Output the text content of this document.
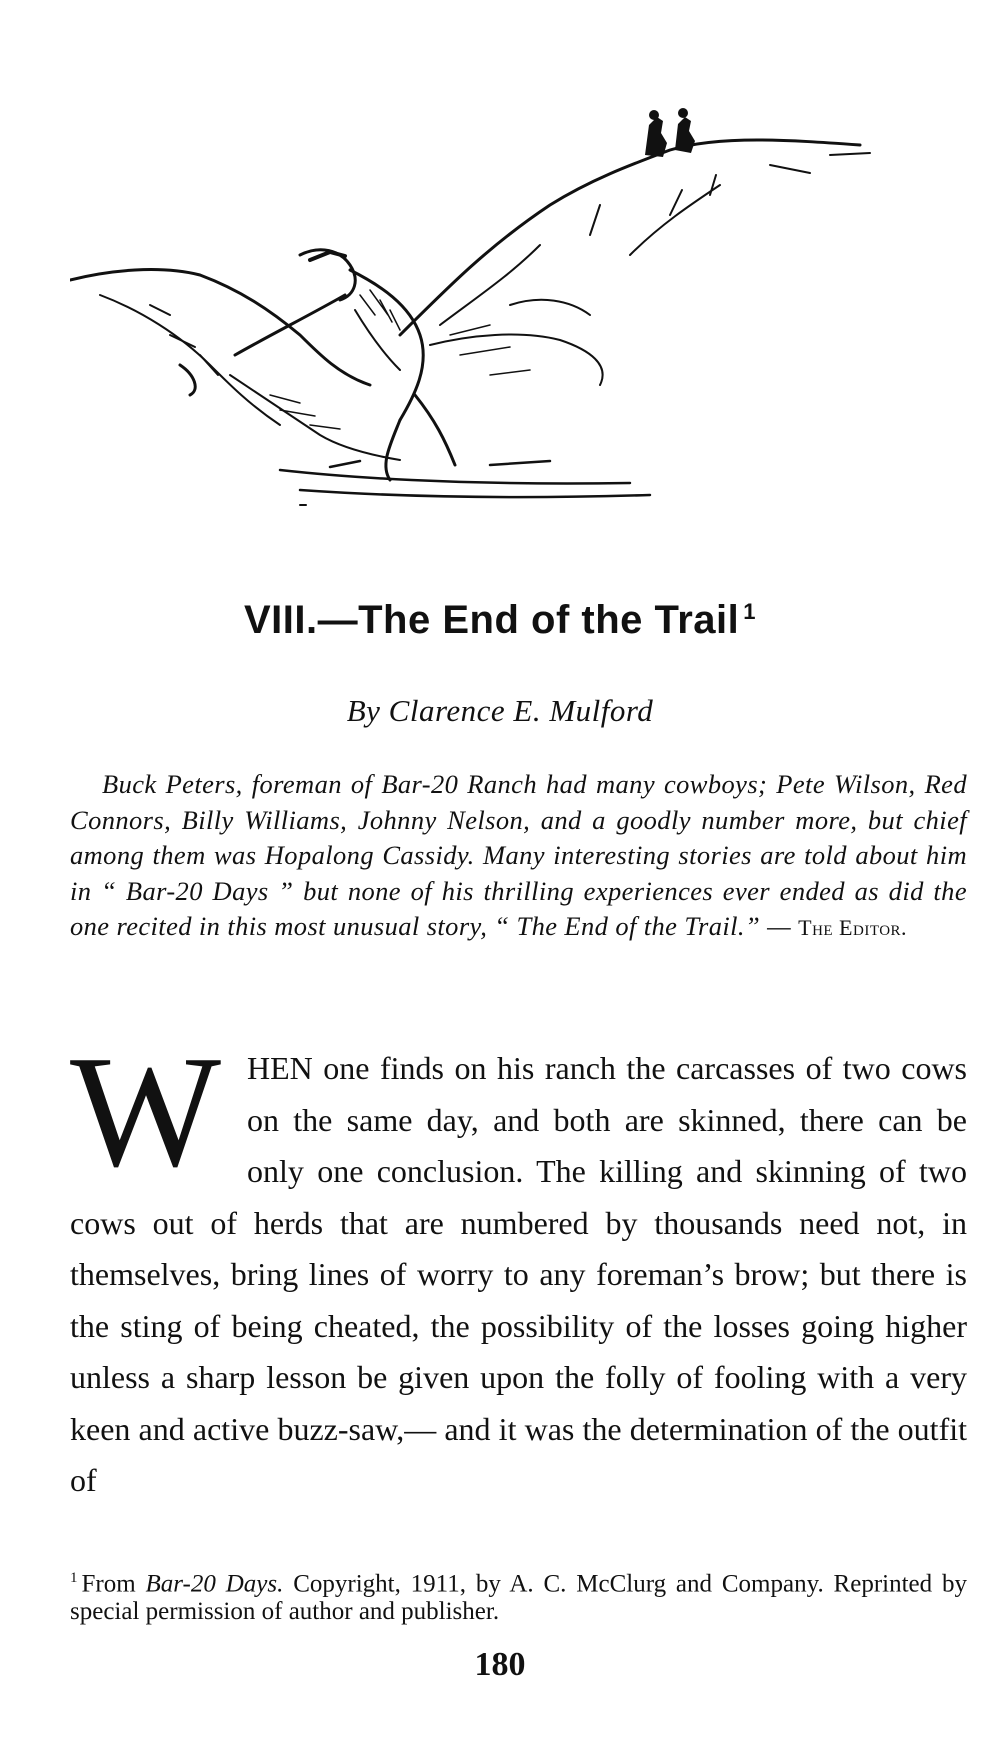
VIII.—The End of the Trail $^1$
By Clarence E. Mulford
Buck Peters, foreman of Bar-20 Ranch had many cowboys; Pete Wilson, Red Connors, Billy Williams, Johnny Nelson, and a goodly number more, but chief among them was Hopalong Cassidy. Many interesting stories are told about him in “ Bar-20 Days ” but none of his thrilling experiences ever ended as did the one recited in this most unusual story, “ The End of the Trail.” — The Editor.
WHEN one finds on his ranch the carcasses of two cows on the same day, and both are skinned, there can be only one conclusion. The killing and skinning of two cows out of herds that are numbered by thousands need not, in themselves, bring lines of worry to any foreman’s brow; but there is the sting of being cheated, the possibility of the losses going higher unless a sharp lesson be given upon the folly of fooling with a very keen and active buzz-saw,— and it was the determination of the outfit of
$^1$ From Bar-20 Days. Copyright, 1911, by A. C. McClurg and Company. Reprinted by special permission of author and publisher.
180
